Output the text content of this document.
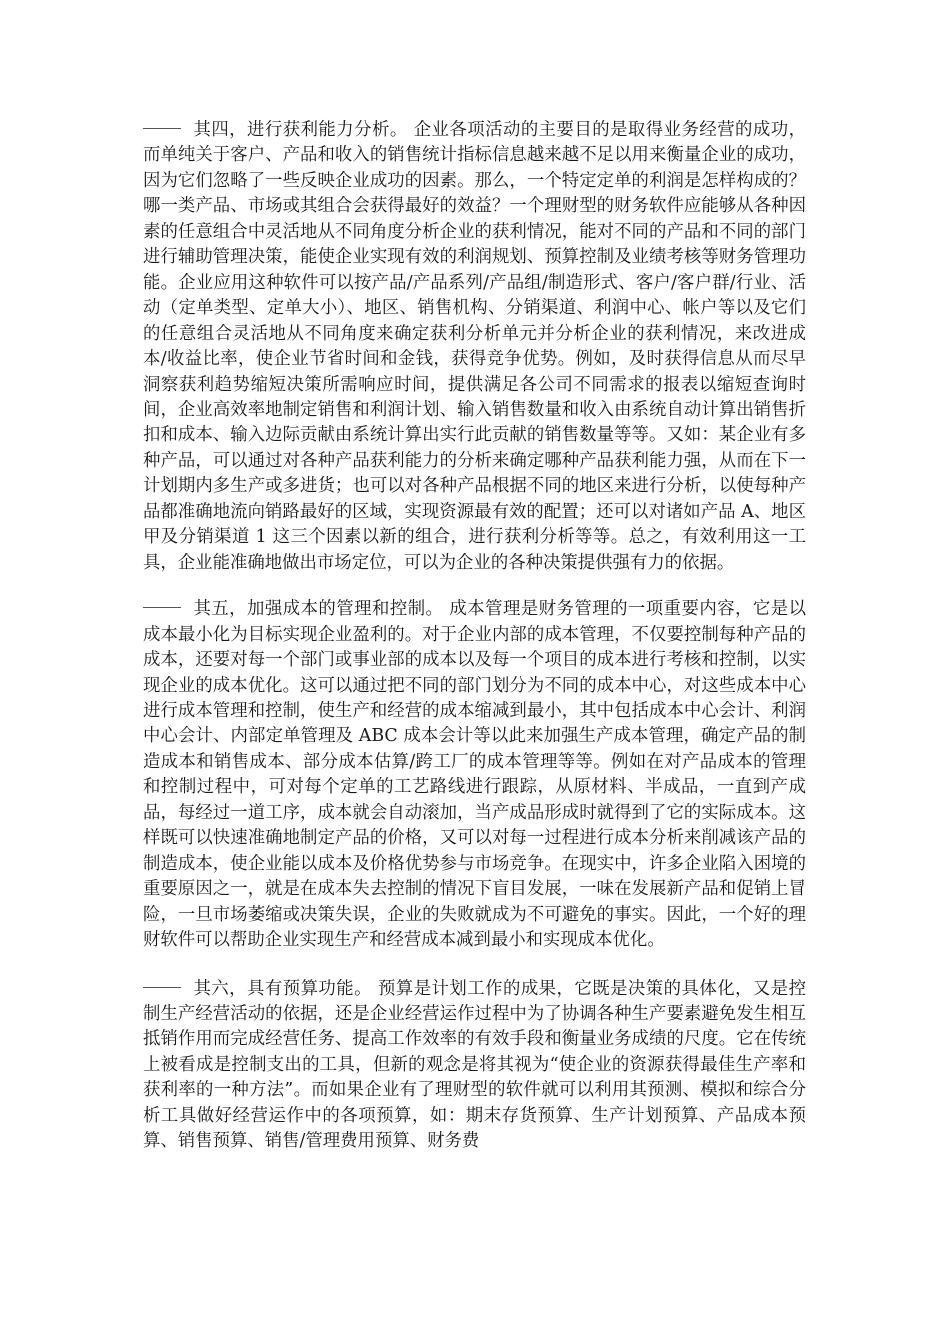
其四，进行获利能力分析。 企业各项活动的主要目的是取得业务经营的成功，而单纯关于客户、产品和收入的销售统计指标信息越来越不足以用来衡量企业的成功，因为它们忽略了一些反映企业成功的因素。那么，一个特定定单的利润是怎样构成的？哪一类产品、市场或其组合会获得最好的效益？一个理财型的财务软件应能够从各种因素的任意组合中灵活地从不同角度分析企业的获利情况，能对不同的产品和不同的部门进行辅助管理决策，能使企业实现有效的利润规划、预算控制及业绩考核等财务管理功能。企业应用这种软件可以按产品/产品系列/产品组/制造形式、客户/客户群/行业、活动（定单类型、定单大小）、地区、销售机构、分销渠道、利润中心、帐户等以及它们的任意组合灵活地从不同角度来确定获利分析单元并分析企业的获利情况，来改进成本/收益比率，使企业节省时间和金钱，获得竞争优势。例如，及时获得信息从而尽早洞察获利趋势缩短决策所需响应时间，提供满足各公司不同需求的报表以缩短查询时间，企业高效率地制定销售和利润计划、输入销售数量和收入由系统自动计算出销售折扣和成本、输入边际贡献由系统计算出实行此贡献的销售数量等等。又如：某企业有多种产品，可以通过对各种产品获利能力的分析来确定哪种产品获利能力强，从而在下一计划期内多生产或多进货；也可以对各种产品根据不同的地区来进行分析，以使每种产品都准确地流向销路最好的区域，实现资源最有效的配置；还可以对诸如产品 A、地区甲及分销渠道 1 这三个因素以新的组合，进行获利分析等等。总之，有效利用这一工具，企业能准确地做出市场定位，可以为企业的各种决策提供强有力的依据。

其五，加强成本的管理和控制。 成本管理是财务管理的一项重要内容，它是以成本最小化为目标实现企业盈利的。对于企业内部的成本管理，不仅要控制每种产品的成本，还要对每一个部门或事业部的成本以及每一个项目的成本进行考核和控制，以实现企业的成本优化。这可以通过把不同的部门划分为不同的成本中心，对这些成本中心进行成本管理和控制，使生产和经营的成本缩减到最小，其中包括成本中心会计、利润中心会计、内部定单管理及 ABC 成本会计等以此来加强生产成本管理，确定产品的制造成本和销售成本、部分成本估算/跨工厂的成本管理等等。例如在对产品成本的管理和控制过程中，可对每个定单的工艺路线进行跟踪，从原材料、半成品，一直到产成品，每经过一道工序，成本就会自动滚加，当产成品形成时就得到了它的实际成本。这样既可以快速准确地制定产品的价格，又可以对每一过程进行成本分析来削减该产品的制造成本，使企业能以成本及价格优势参与市场竞争。在现实中，许多企业陷入困境的重要原因之一，就是在成本失去控制的情况下盲目发展，一味在发展新产品和促销上冒险，一旦市场萎缩或决策失误，企业的失败就成为不可避免的事实。因此，一个好的理财软件可以帮助企业实现生产和经营成本减到最小和实现成本优化。

其六，具有预算功能。 预算是计划工作的成果，它既是决策的具体化，又是控制生产经营活动的依据，还是企业经营运作过程中为了协调各种生产要素避免发生相互抵销作用而完成经营任务、提高工作效率的有效手段和衡量业务成绩的尺度。它在传统上被看成是控制支出的工具，但新的观念是将其视为“使企业的资源获得最佳生产率和获利率的一种方法”。而如果企业有了理财型的软件就可以利用其预测、模拟和综合分析工具做好经营运作中的各项预算，如：期末存货预算、生产计划预算、产品成本预算、销售预算、销售/管理费用预算、财务费
